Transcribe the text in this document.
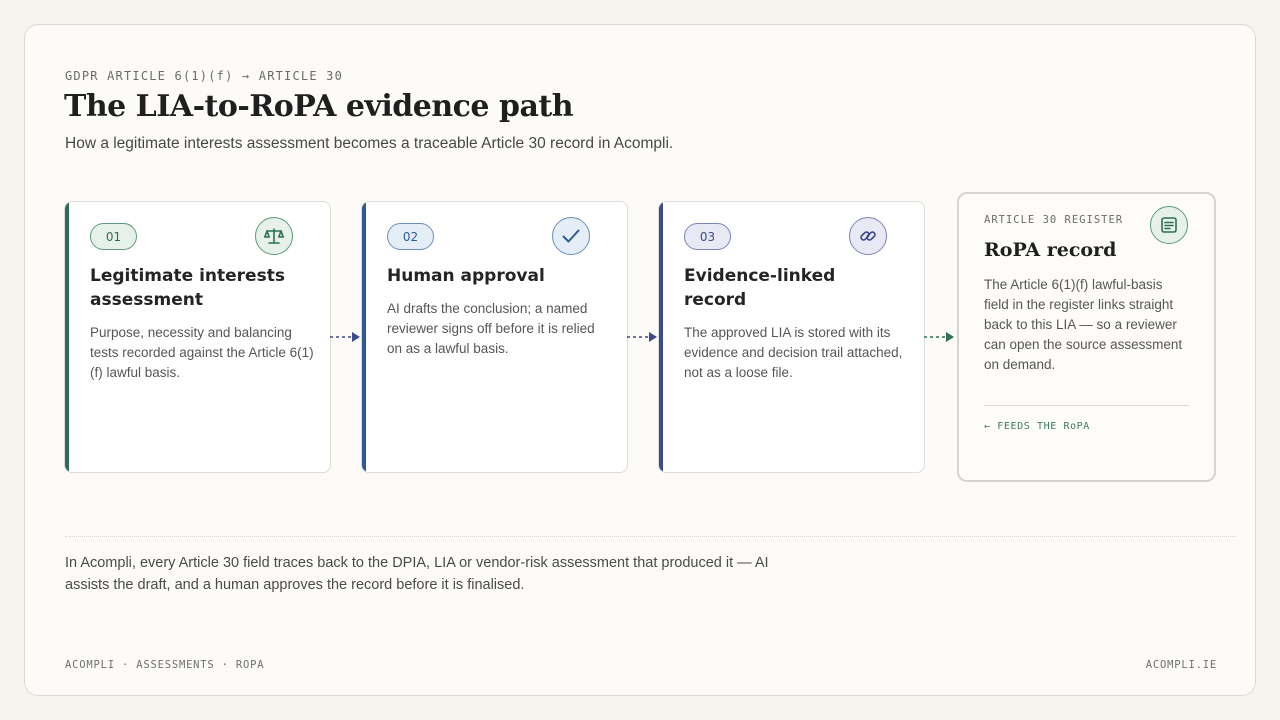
GDPR ARTICLE 6(1)(f) → ARTICLE 30
The LIA-to-RoPA evidence path

How a legitimate interests assessment becomes a traceable Article 30 record in Acompli.

01
Legitimate interests assessment
Purpose, necessity and balancing tests recorded against the Article 6(1)(f) lawful basis.
02
Human approval
AI drafts the conclusion; a named reviewer signs off before it is relied on as a lawful basis.
03
Evidence-linked record
The approved LIA is stored with its evidence and decision trail attached, not as a loose file.
ARTICLE 30 REGISTER
RoPA record
The Article 6(1)(f) lawful-basis field in the register links straight back to this LIA — so a reviewer can open the source assessment on demand.
← FEEDS THE RoPA

In Acompli, every Article 30 field traces back to the DPIA, LIA or vendor-risk assessment that produced it — AI assists the draft, and a human approves the record before it is finalised.

ACOMPLI · ASSESSMENTS · ROPA	ACOMPLI.IE
